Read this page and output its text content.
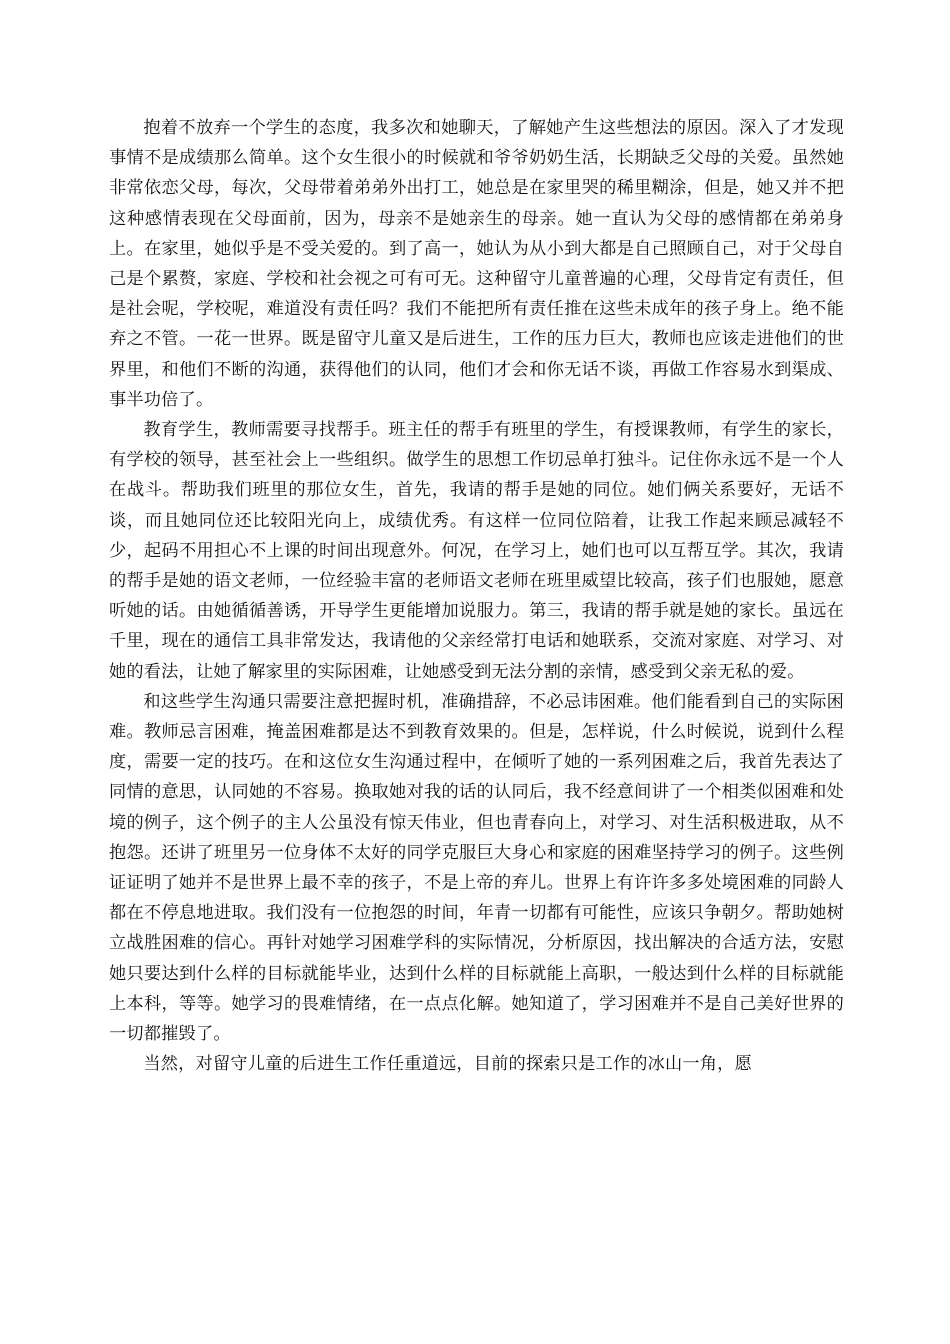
抱着不放弃一个学生的态度，我多次和她聊天，了解她产生这些想法的原因。深入了才发现事情不是成绩那么简单。这个女生很小的时候就和爷爷奶奶生活，长期缺乏父母的关爱。虽然她非常依恋父母，每次，父母带着弟弟外出打工，她总是在家里哭的稀里糊涂，但是，她又并不把这种感情表现在父母面前，因为，母亲不是她亲生的母亲。她一直认为父母的感情都在弟弟身上。在家里，她似乎是不受关爱的。到了高一，她认为从小到大都是自己照顾自己，对于父母自己是个累赘，家庭、学校和社会视之可有可无。这种留守儿童普遍的心理，父母肯定有责任，但是社会呢，学校呢，难道没有责任吗？我们不能把所有责任推在这些未成年的孩子身上。绝不能弃之不管。一花一世界。既是留守儿童又是后进生，工作的压力巨大，教师也应该走进他们的世界里，和他们不断的沟通，获得他们的认同，他们才会和你无话不谈，再做工作容易水到渠成、事半功倍了。

教育学生，教师需要寻找帮手。班主任的帮手有班里的学生，有授课教师，有学生的家长，有学校的领导，甚至社会上一些组织。做学生的思想工作切忌单打独斗。记住你永远不是一个人在战斗。帮助我们班里的那位女生，首先，我请的帮手是她的同位。她们俩关系要好，无话不谈，而且她同位还比较阳光向上，成绩优秀。有这样一位同位陪着，让我工作起来顾忌减轻不少，起码不用担心不上课的时间出现意外。何况，在学习上，她们也可以互帮互学。其次，我请的帮手是她的语文老师，一位经验丰富的老师语文老师在班里威望比较高，孩子们也服她，愿意听她的话。由她循循善诱，开导学生更能增加说服力。第三，我请的帮手就是她的家长。虽远在千里，现在的通信工具非常发达，我请他的父亲经常打电话和她联系，交流对家庭、对学习、对她的看法，让她了解家里的实际困难，让她感受到无法分割的亲情，感受到父亲无私的爱。

和这些学生沟通只需要注意把握时机，准确措辞，不必忌讳困难。他们能看到自己的实际困难。教师忌言困难，掩盖困难都是达不到教育效果的。但是，怎样说，什么时候说，说到什么程度，需要一定的技巧。在和这位女生沟通过程中，在倾听了她的一系列困难之后，我首先表达了同情的意思，认同她的不容易。换取她对我的话的认同后，我不经意间讲了一个相类似困难和处境的例子，这个例子的主人公虽没有惊天伟业，但也青春向上，对学习、对生活积极进取，从不抱怨。还讲了班里另一位身体不太好的同学克服巨大身心和家庭的困难坚持学习的例子。这些例证证明了她并不是世界上最不幸的孩子，不是上帝的弃儿。世界上有许许多多处境困难的同龄人都在不停息地进取。我们没有一位抱怨的时间，年青一切都有可能性，应该只争朝夕。帮助她树立战胜困难的信心。再针对她学习困难学科的实际情况，分析原因，找出解决的合适方法，安慰她只要达到什么样的目标就能毕业，达到什么样的目标就能上高职，一般达到什么样的目标就能上本科，等等。她学习的畏难情绪，在一点点化解。她知道了，学习困难并不是自己美好世界的一切都摧毁了。

当然，对留守儿童的后进生工作任重道远，目前的探索只是工作的冰山一角，愿
